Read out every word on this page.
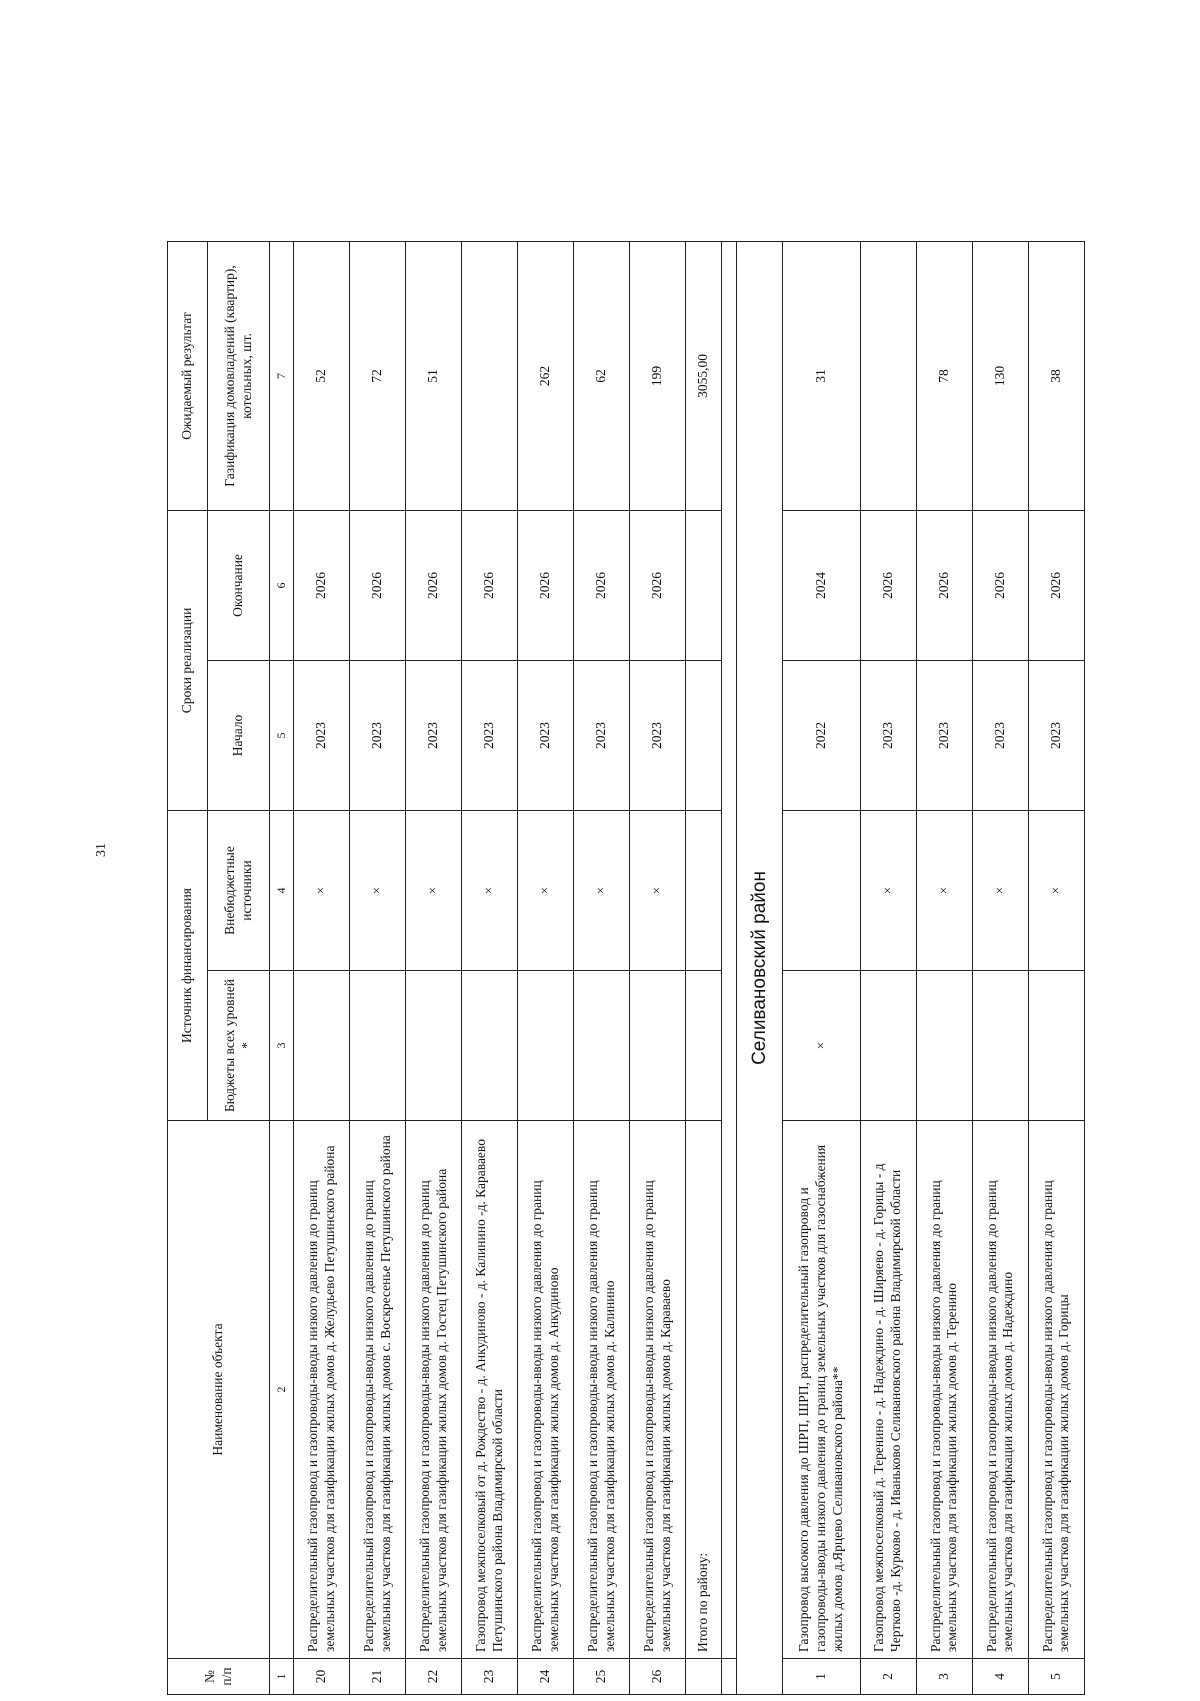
31
№ п/п	Наименование объекта	Источник финансирования		Сроки реализации		Ожидаемый результат
		Бюджеты всех уровней *	Внебюджетные источники	Начало	Окончание	Газификация домовладений (квартир), котельных, шт.
1	2	3	4	5	6	7
20	Распределительный газопровод и газопроводы-вводы низкого давления до границ земельных участков для газификации жилых домов д. Желудьево Петушинского района		×	2023	2026	52
21	Распределительный газопровод и газопроводы-вводы низкого давления до границ земельных участков для газификации жилых домов с. Воскресенье Петушинского района		×	2023	2026	72
22	Распределительный газопровод и газопроводы-вводы низкого давления до границ земельных участков для газификации жилых домов д. Гостец Петушинского района		×	2023	2026	51
23	Газопровод межпоселковый от д. Рождество - д. Анкудиново - д. Калинино -д. Караваево Петушинского района Владимирской области		×	2023	2026	
24	Распределительный газопровод и газопроводы-вводы низкого давления до границ земельных участков для газификации жилых домов д. Анкудиново		×	2023	2026	262
25	Распределительный газопровод и газопроводы-вводы низкого давления до границ земельных участков для газификации жилых домов д. Калинино		×	2023	2026	62
26	Распределительный газопровод и газопроводы-вводы низкого давления до границ земельных участков для газификации жилых домов д. Караваево		×	2023	2026	199
	Итого по району:					3055,00

Селивановский район						
1	Газопровод высокого давления до ШРП, ШРП, распределительный газопровод и газопроводы-вводы низкого давления до границ земельных участков для газоснабжения жилых домов д.Ярцево Селивановского района**	×		2022	2024	31
2	Газопровод межпоселковый д. Теренино - д. Надеждино - д. Ширяево - д. Горицы - д Чертково -д. Курково - д. Иваньково Селивановского района Владимирской области		×	2023	2026	
3	Распределительный газопровод и газопроводы-вводы низкого давления до границ земельных участков для газификации жилых домов д. Теренино		×	2023	2026	78
4	Распределительный газопровод и газопроводы-вводы низкого давления до границ земельных участков для газификации жилых домов д. Надеждино		×	2023	2026	130
5	Распределительный газопровод и газопроводы-вводы низкого давления до границ земельных участков для газификации жилых домов д. Горицы		×	2023	2026	38
